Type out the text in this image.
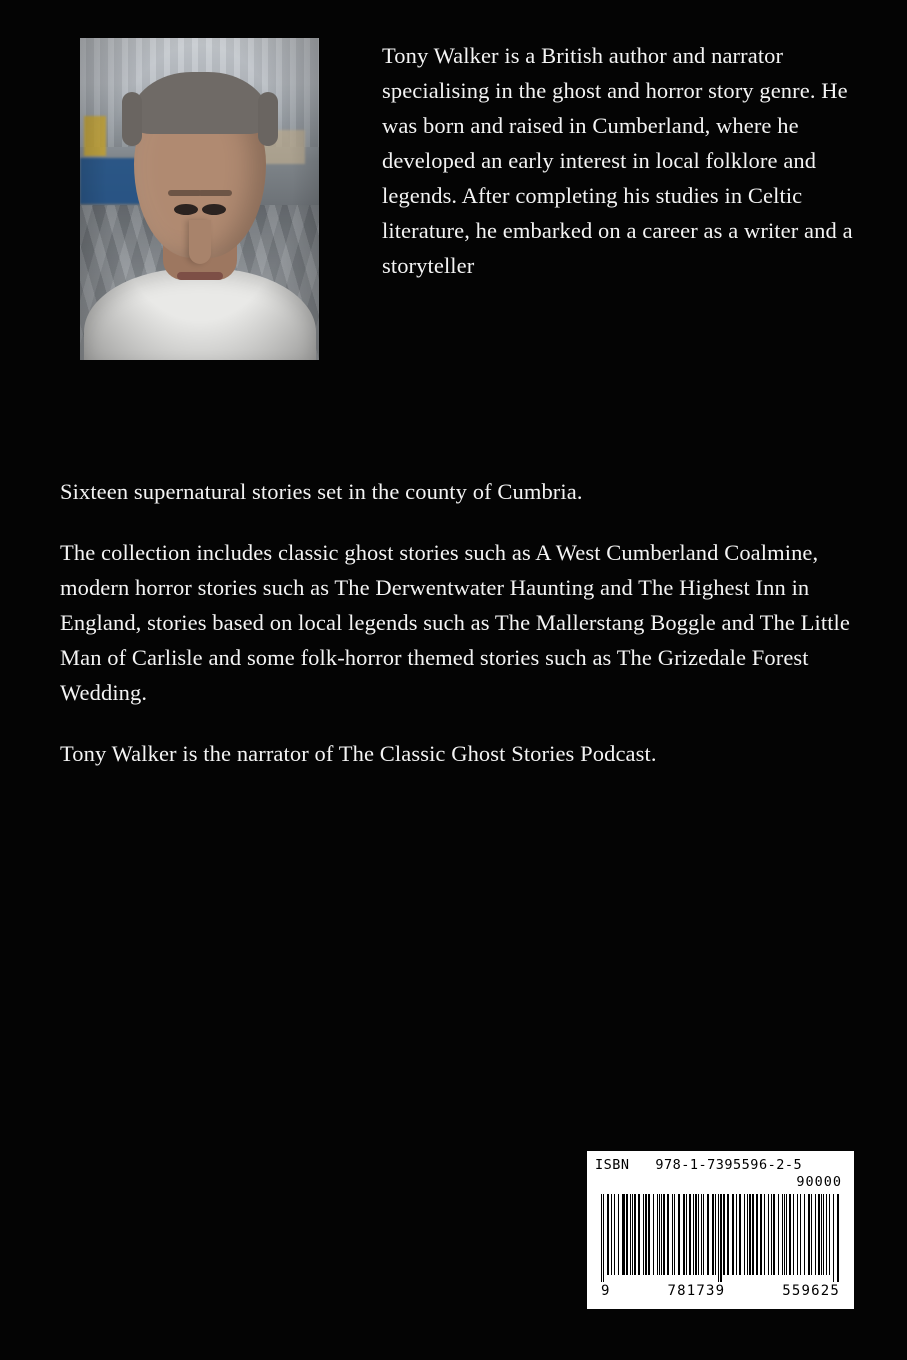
Tony Walker is a British author and narrator specialising in the ghost and horror story genre. He was born and raised in Cumberland, where he developed an early interest in local folklore and legends. After completing his studies in Celtic literature, he embarked on a career as a writer and a storyteller

Sixteen supernatural stories set in the county of Cumbria.

The collection includes classic ghost stories such as A West Cumberland Coalmine, modern horror stories such as The Derwentwater Haunting and The Highest Inn in England, stories based on local legends such as The Mallerstang Boggle and The Little Man of Carlisle and some folk-horror themed stories such as The Grizedale Forest Wedding.

Tony Walker is the narrator of The Classic Ghost Stories Podcast.

ISBN 978-1-7395596-2-5
90000
9	781739	559625
